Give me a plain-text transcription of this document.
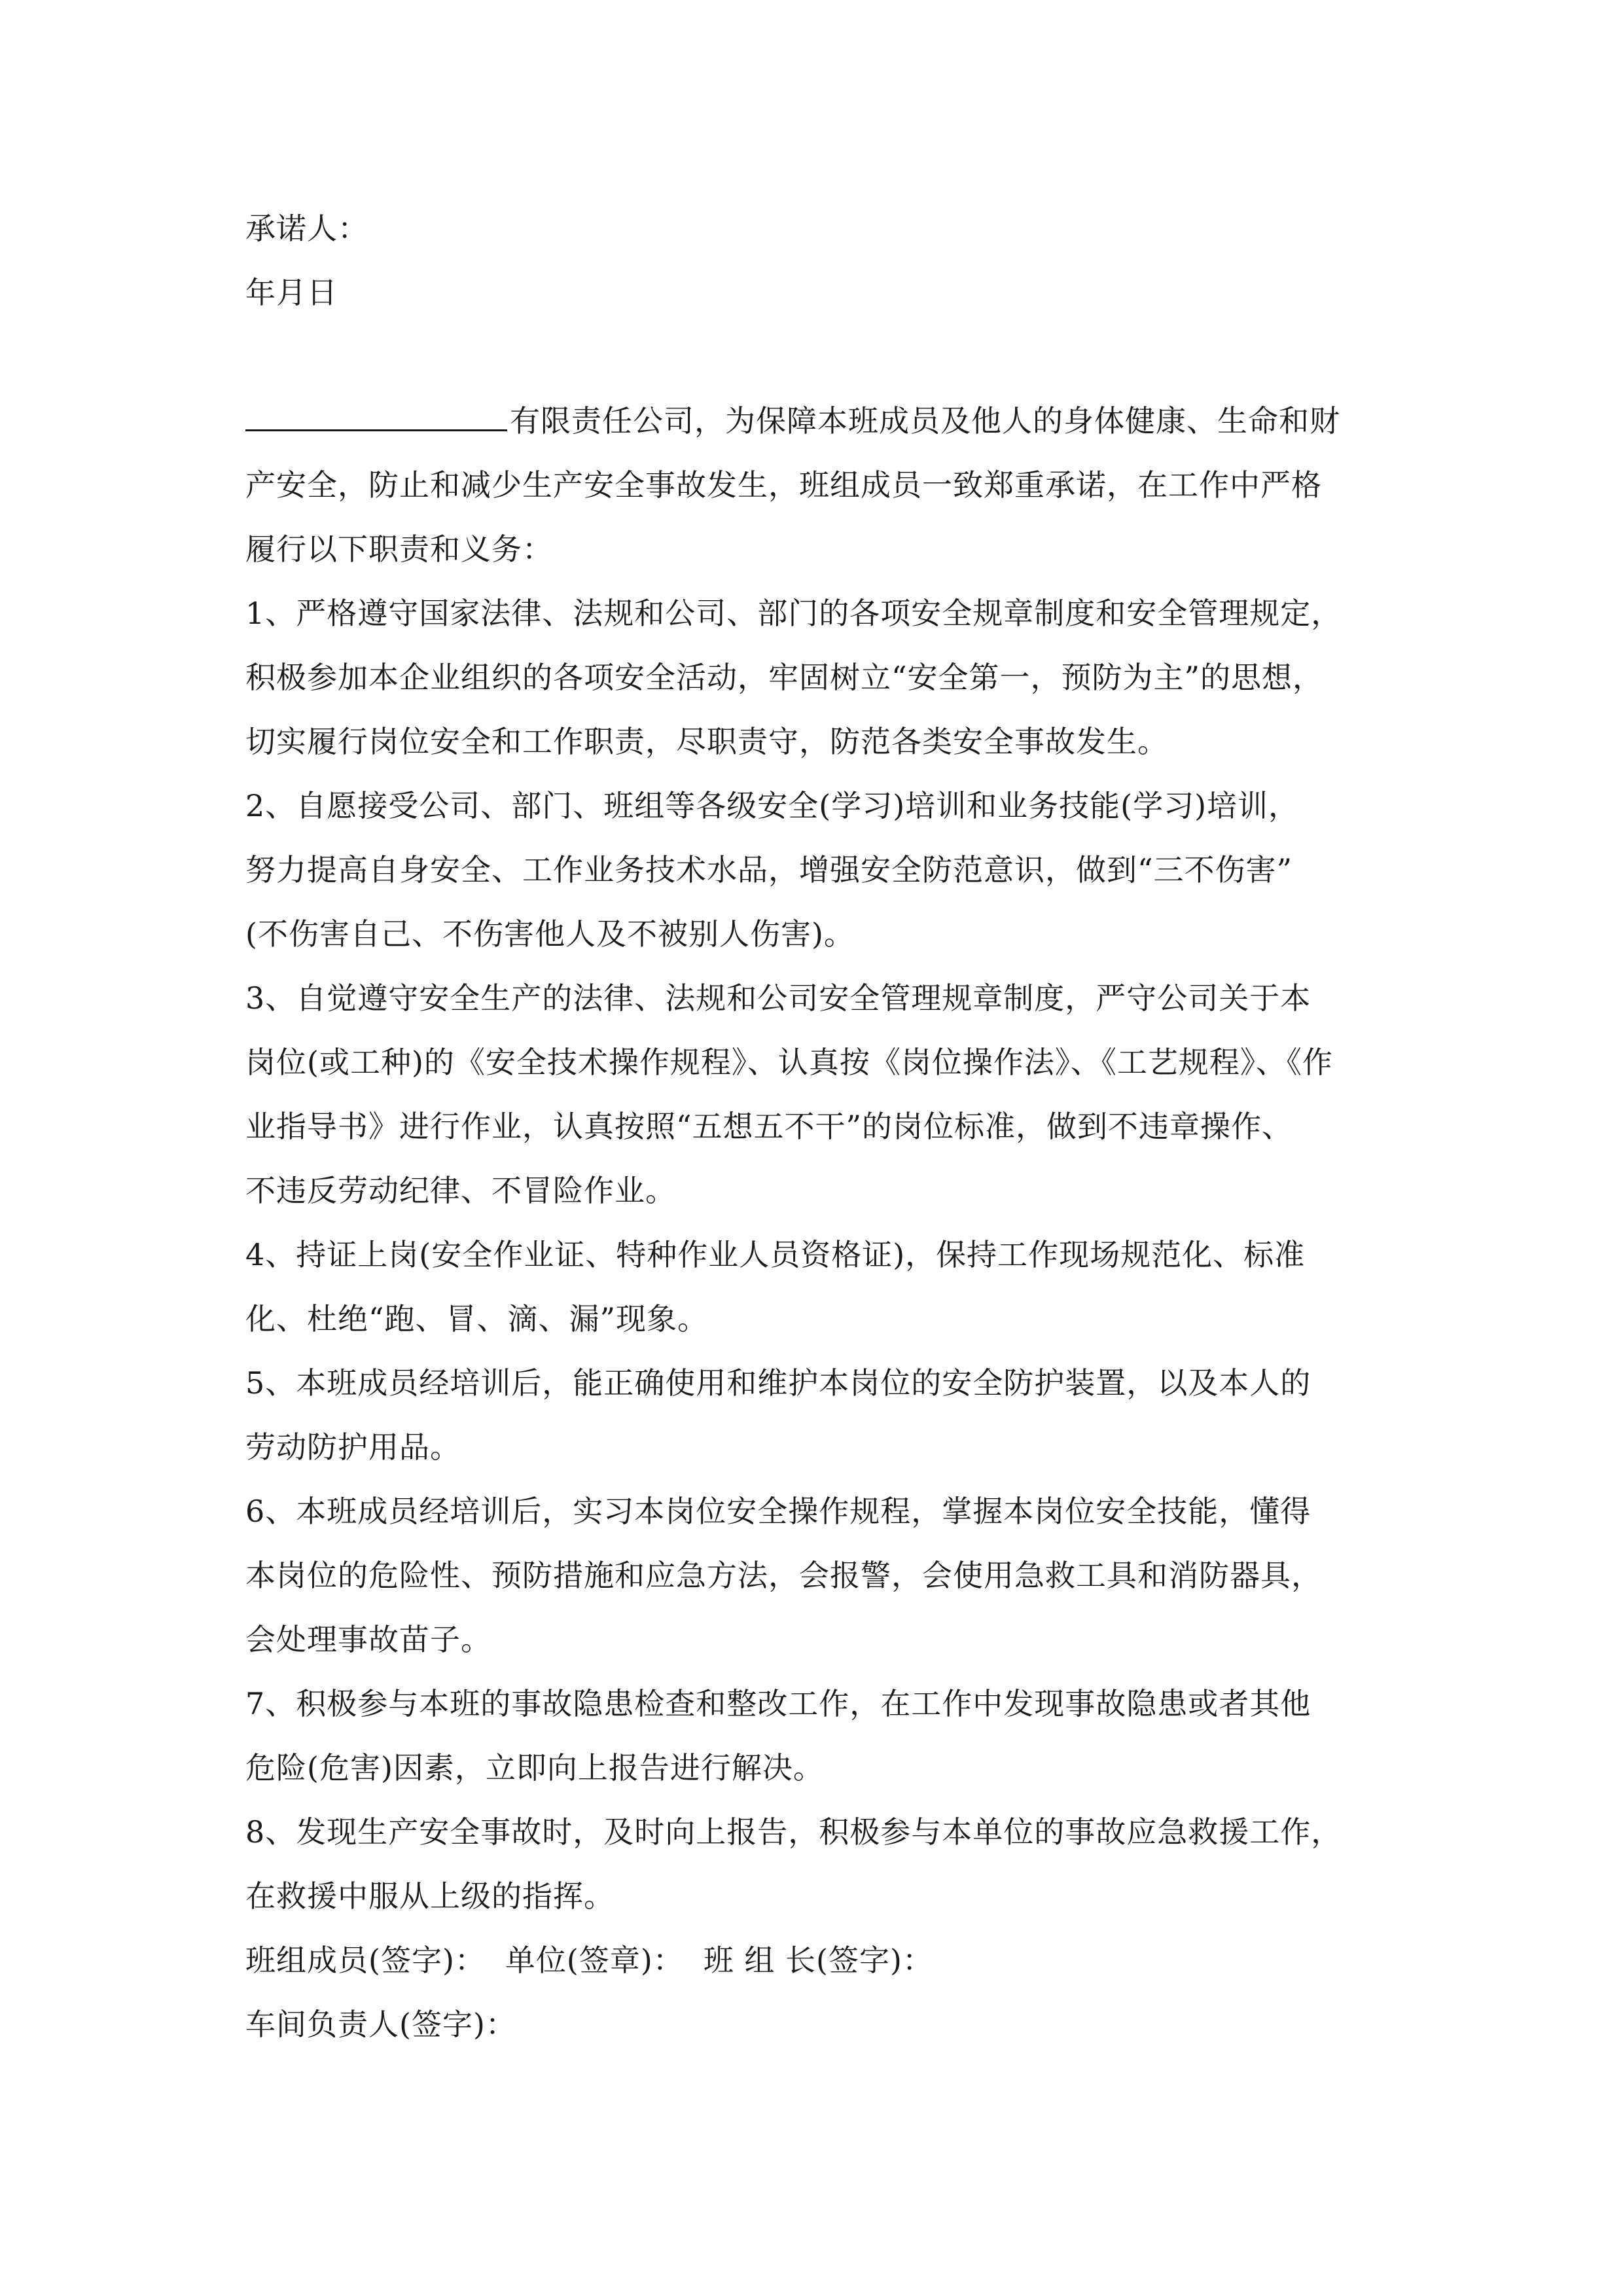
承诺人：
年月日
有限责任公司，为保障本班成员及他人的身体健康、生命和财
产安全，防止和减少生产安全事故发生，班组成员一致郑重承诺，在工作中严格
履行以下职责和义务：
1、严格遵守国家法律、法规和公司、部门的各项安全规章制度和安全管理规定，
积极参加本企业组织的各项安全活动，牢固树立“安全第一，预防为主”的思想，
切实履行岗位安全和工作职责，尽职责守，防范各类安全事故发生。
2、自愿接受公司、部门、班组等各级安全(学习)培训和业务技能(学习)培训，
努力提高自身安全、工作业务技术水品，增强安全防范意识，做到“三不伤害”
(不伤害自己、不伤害他人及不被别人伤害)。
3、自觉遵守安全生产的法律、法规和公司安全管理规章制度，严守公司关于本
岗位(或工种)的《安全技术操作规程》、认真按《岗位操作法》、《工艺规程》、《作
业指导书》进行作业，认真按照“五想五不干”的岗位标准，做到不违章操作、
不违反劳动纪律、不冒险作业。
4、持证上岗(安全作业证、特种作业人员资格证)，保持工作现场规范化、标准
化、杜绝“跑、冒、滴、漏”现象。
5、本班成员经培训后，能正确使用和维护本岗位的安全防护装置，以及本人的
劳动防护用品。
6、本班成员经培训后，实习本岗位安全操作规程，掌握本岗位安全技能，懂得
本岗位的危险性、预防措施和应急方法，会报警，会使用急救工具和消防器具，
会处理事故苗子。
7、积极参与本班的事故隐患检查和整改工作，在工作中发现事故隐患或者其他
危险(危害)因素，立即向上报告进行解决。
8、发现生产安全事故时，及时向上报告，积极参与本单位的事故应急救援工作，
在救援中服从上级的指挥。
班组成员(签字)： 单位(签章)： 班 组 长(签字)：
车间负责人(签字)：
